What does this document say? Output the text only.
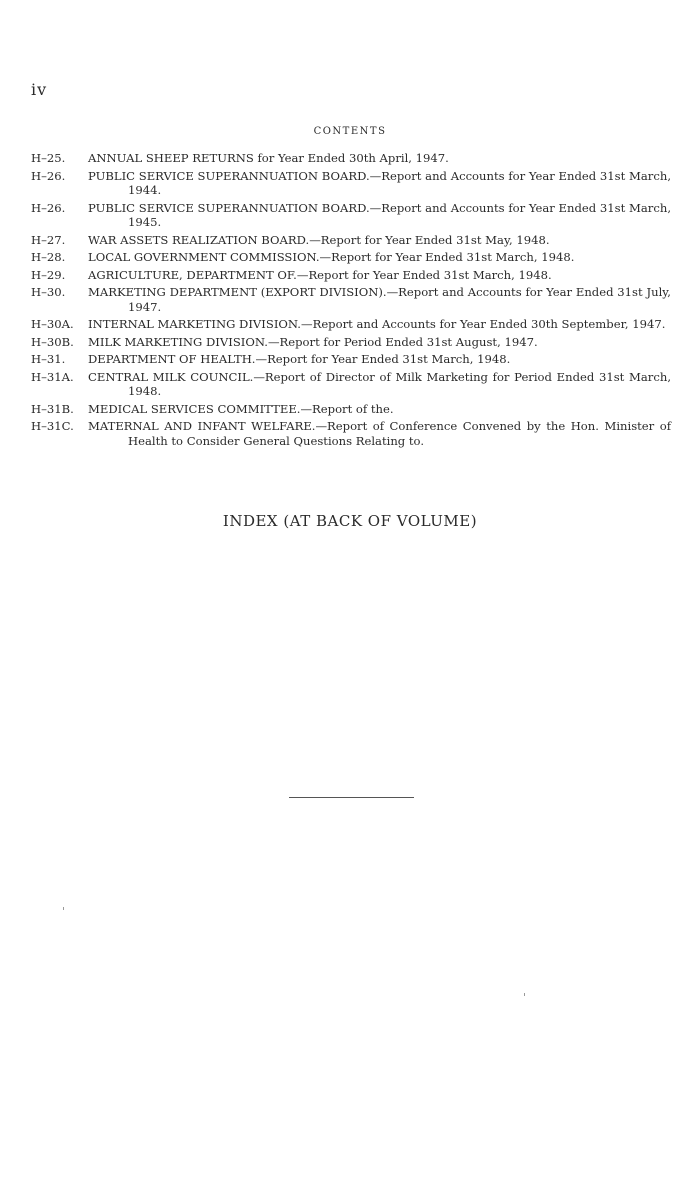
iv
CONTENTS
H–25.	ANNUAL SHEEP RETURNS for Year Ended 30th April, 1947.
H–26.	PUBLIC SERVICE SUPERANNUATION BOARD.—Report and Accounts for Year Ended 31st March, 1944.
H–26.	PUBLIC SERVICE SUPERANNUATION BOARD.—Report and Accounts for Year Ended 31st March, 1945.
H–27.	WAR ASSETS REALIZATION BOARD.—Report for Year Ended 31st May, 1948.
H–28.	LOCAL GOVERNMENT COMMISSION.—Report for Year Ended 31st March, 1948.
H–29.	AGRICULTURE, DEPARTMENT OF.—Report for Year Ended 31st March, 1948.
H–30.	MARKETING DEPARTMENT (EXPORT DIVISION).—Report and Accounts for Year Ended 31st July, 1947.
H–30A.	INTERNAL MARKETING DIVISION.—Report and Accounts for Year Ended 30th September, 1947.
H–30B.	MILK MARKETING DIVISION.—Report for Period Ended 31st August, 1947.
H–31.	DEPARTMENT OF HEALTH.—Report for Year Ended 31st March, 1948.
H–31A.	CENTRAL MILK COUNCIL.—Report of Director of Milk Marketing for Period Ended 31st March, 1948.
H–31B.	MEDICAL SERVICES COMMITTEE.—Report of the.
H–31C.	MATERNAL AND INFANT WELFARE.—Report of Conference Convened by the Hon. Minister of Health to Consider General Questions Relating to.
INDEX (AT BACK OF VOLUME)
